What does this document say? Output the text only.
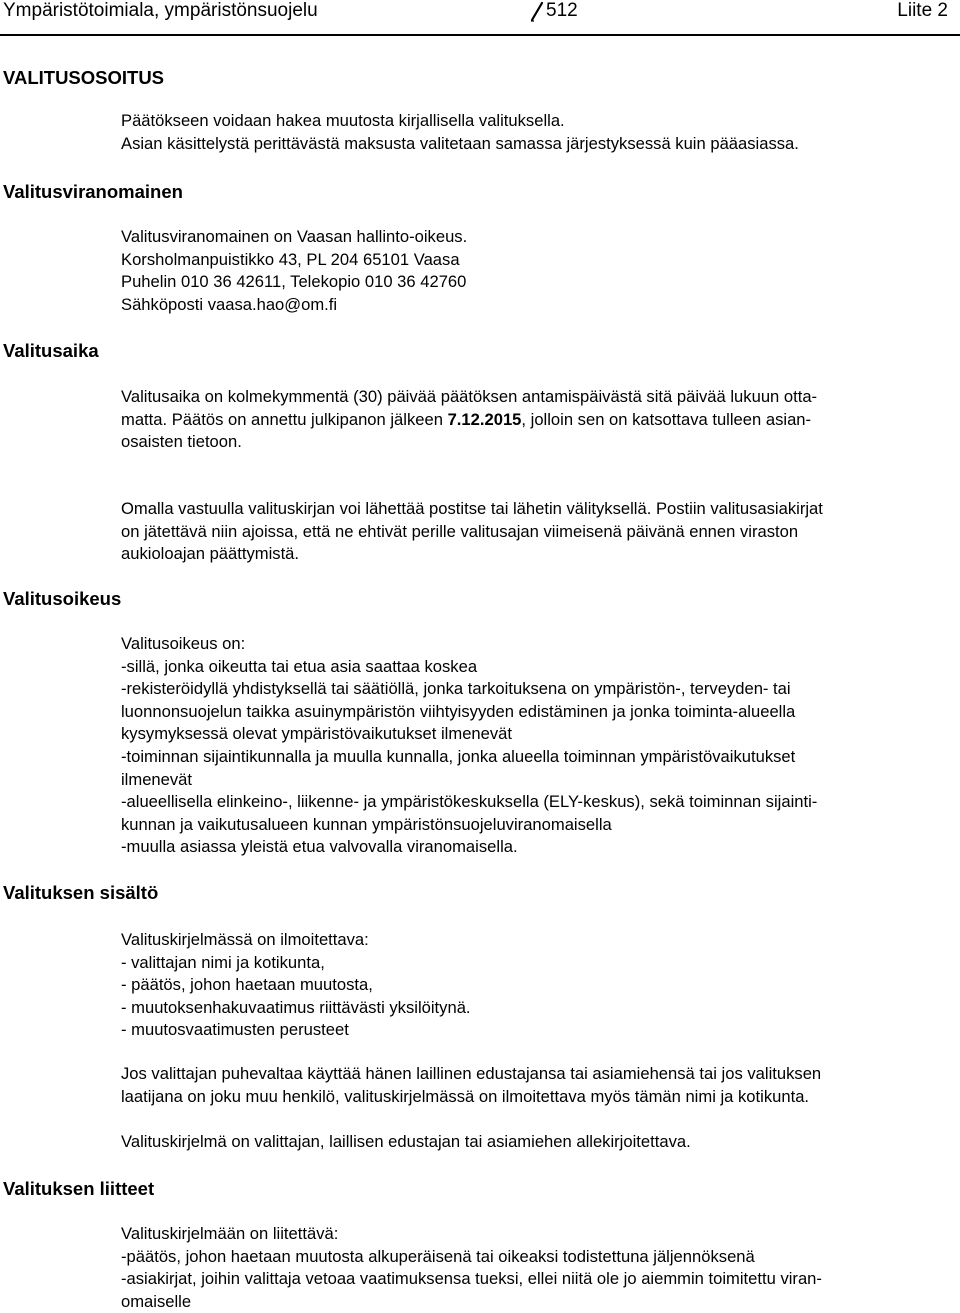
Ympäristötoimiala, ympäristönsuojelu	512	Liite 2
VALITUSOSOITUS
Valitusviranomainen
Valitusaika
Valitusoikeus
Valituksen sisältö
Valituksen liitteet
Päätökseen voidaan hakea muutosta kirjallisella valituksella.
Asian käsittelystä perittävästä maksusta valitetaan samassa järjestyksessä kuin pääasiassa.
Valitusviranomainen on Vaasan hallinto-oikeus.
Korsholmanpuistikko 43, PL 204 65101 Vaasa
Puhelin 010 36 42611, Telekopio 010 36 42760
Sähköposti vaasa.hao@om.fi
Valitusaika on kolmekymmentä (30) päivää päätöksen antamispäivästä sitä päivää lukuun otta-
matta. Päätös on annettu julkipanon jälkeen 7.12.2015, jolloin sen on katsottava tulleen asian-
osaisten tietoon.
Omalla vastuulla valituskirjan voi lähettää postitse tai lähetin välityksellä. Postiin valitusasiakirjat
on jätettävä niin ajoissa, että ne ehtivät perille valitusajan viimeisenä päivänä ennen viraston
aukioloajan päättymistä.
Valitusoikeus on:
-sillä, jonka oikeutta tai etua asia saattaa koskea
-rekisteröidyllä yhdistyksellä tai säätiöllä, jonka tarkoituksena on ympäristön-, terveyden- tai
luonnonsuojelun taikka asuinympäristön viihtyisyyden edistäminen ja jonka toiminta-alueella
kysymyksessä olevat ympäristövaikutukset ilmenevät
-toiminnan sijaintikunnalla ja muulla kunnalla, jonka alueella toiminnan ympäristövaikutukset
ilmenevät
-alueellisella elinkeino-, liikenne- ja ympäristökeskuksella (ELY-keskus), sekä toiminnan sijainti-
kunnan ja vaikutusalueen kunnan ympäristönsuojeluviranomaisella
-muulla asiassa yleistä etua valvovalla viranomaisella.
Valituskirjelmässä on ilmoitettava:
- valittajan nimi ja kotikunta,
- päätös, johon haetaan muutosta,
- muutoksenhakuvaatimus riittävästi yksilöitynä.
- muutosvaatimusten perusteet
Jos valittajan puhevaltaa käyttää hänen laillinen edustajansa tai asiamiehensä tai jos valituksen
laatijana on joku muu henkilö, valituskirjelmässä on ilmoitettava myös tämän nimi ja kotikunta.
Valituskirjelmä on valittajan, laillisen edustajan tai asiamiehen allekirjoitettava.
Valituskirjelmään on liitettävä:
-päätös, johon haetaan muutosta alkuperäisenä tai oikeaksi todistettuna jäljennöksenä
-asiakirjat, joihin valittaja vetoaa vaatimuksensa tueksi, ellei niitä ole jo aiemmin toimitettu viran-
omaiselle
